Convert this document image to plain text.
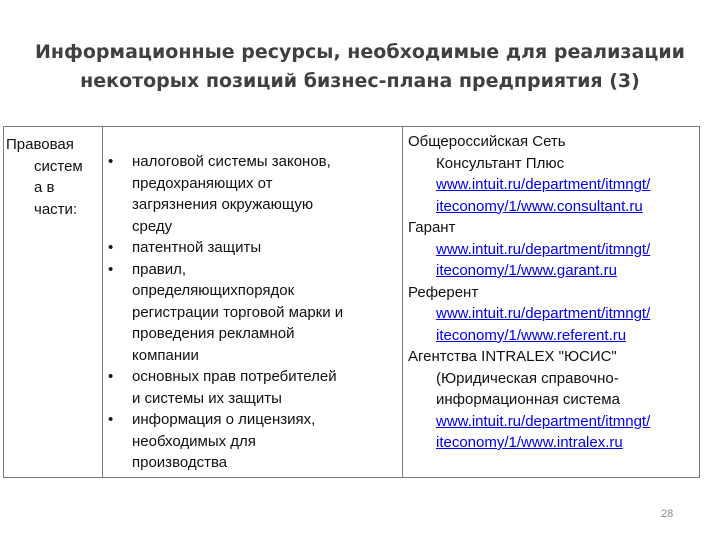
Информационные ресурсы, необходимые для реализации
некоторых позиций бизнес-плана предприятия (3)
Правовая
систем
а в
части:
• налоговой системы законов,
предохраняющих от
загрязнения окружающую
среду
• патентной защиты
• правил,
определяющихпорядок
регистрации торговой марки и
проведения рекламной
компании
• основных прав потребителей
и системы их защиты
• информация о лицензиях,
необходимых для
производства
Общероссийская Сеть
Консультант Плюс
www.intuit.ru/department/itmngt/
iteconomy/1/www.consultant.ru
Гарант
www.intuit.ru/department/itmngt/
iteconomy/1/www.garant.ru
Референт
www.intuit.ru/department/itmngt/
iteconomy/1/www.referent.ru
Агентства INTRALEX "ЮСИС"
(Юридическая справочно-
информационная система
www.intuit.ru/department/itmngt/
iteconomy/1/www.intralex.ru
28
